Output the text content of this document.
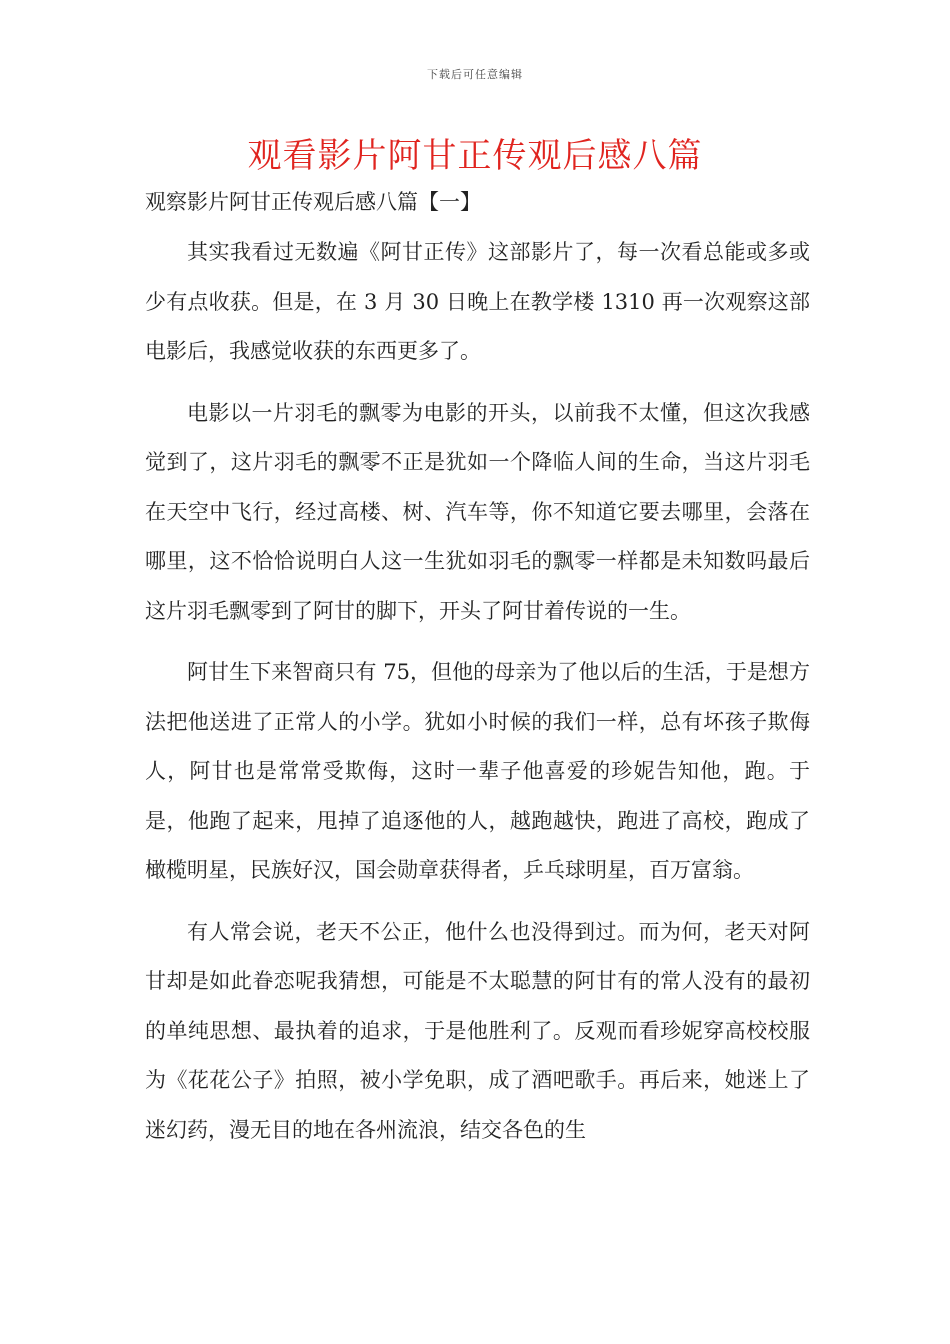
下载后可任意编辑
观看影片阿甘正传观后感八篇
观察影片阿甘正传观后感八篇【一】

其实我看过无数遍《阿甘正传》这部影片了，每一次看总能或多或少有点收获。但是，在 3 月 30 日晚上在教学楼 1310 再一次观察这部电影后，我感觉收获的东西更多了。

电影以一片羽毛的飘零为电影的开头，以前我不太懂，但这次我感觉到了，这片羽毛的飘零不正是犹如一个降临人间的生命，当这片羽毛在天空中飞行，经过高楼、树、汽车等，你不知道它要去哪里，会落在哪里，这不恰恰说明白人这一生犹如羽毛的飘零一样都是未知数吗最后这片羽毛飘零到了阿甘的脚下，开头了阿甘着传说的一生。

阿甘生下来智商只有 75，但他的母亲为了他以后的生活，于是想方法把他送进了正常人的小学。犹如小时候的我们一样，总有坏孩子欺侮人，阿甘也是常常受欺侮，这时一辈子他喜爱的珍妮告知他，跑。于是，他跑了起来，甩掉了追逐他的人，越跑越快，跑进了高校，跑成了橄榄明星，民族好汉，国会勋章获得者，乒乓球明星，百万富翁。

有人常会说，老天不公正，他什么也没得到过。而为何，老天对阿甘却是如此眷恋呢我猜想，可能是不太聪慧的阿甘有的常人没有的最初的单纯思想、最执着的追求，于是他胜利了。反观而看珍妮穿高校校服为《花花公子》拍照，被小学免职，成了酒吧歌手。再后来，她迷上了迷幻药，漫无目的地在各州流浪，结交各色的生
